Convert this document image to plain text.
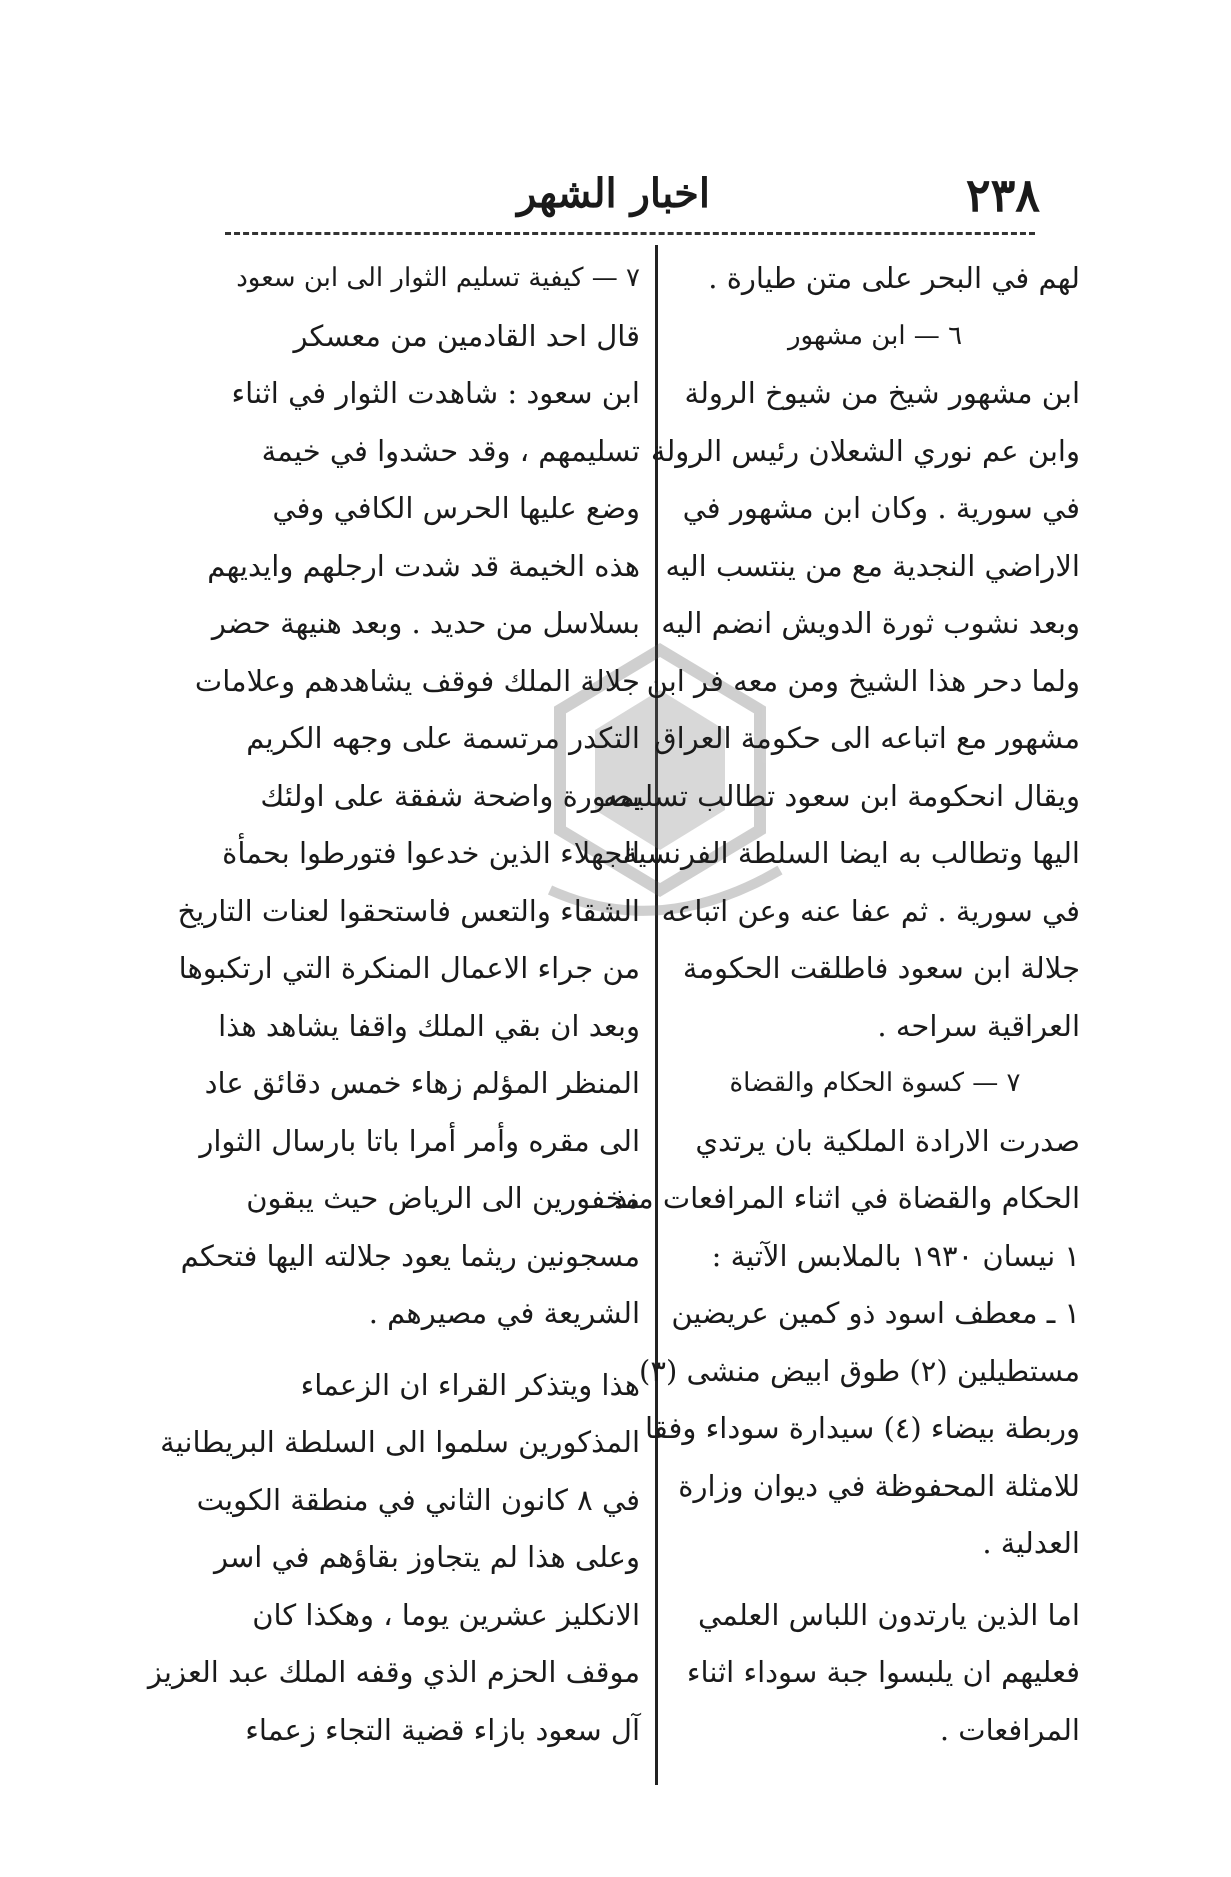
٢٣٨
اخبار الشهر
لهم في البحر على متن طيارة .
٦ — ابن مشهور
ابن مشهور شيخ من شيوخ الرولة
وابن عم نوري الشعلان رئيس الرولة
في سورية . وكان ابن مشهور في
الاراضي النجدية مع من ينتسب اليه
وبعد نشوب ثورة الدويش انضم اليه
ولما دحر هذا الشيخ ومن معه فر ابن
مشهور مع اتباعه الى حكومة العراق
ويقال انحكومة ابن سعود تطالب تسليمه
اليها وتطالب به ايضا السلطة الفرنسية
في سورية . ثم عفا عنه وعن اتباعه
جلالة ابن سعود فاطلقت الحكومة
العراقية سراحه .
٧ — كسوة الحكام والقضاة
صدرت الارادة الملكية بان يرتدي
الحكام والقضاة في اثناء المرافعات منذ
١ نيسان ١٩٣٠ بالملابس الآتية :
١ ـ معطف اسود ذو كمين عريضين
مستطيلين (٢) طوق ابيض منشى (٣)
وربطة بيضاء (٤) سيدارة سوداء وفقا
للامثلة المحفوظة في ديوان وزارة
العدلية .
اما الذين يارتدون اللباس العلمي
فعليهم ان يلبسوا جبة سوداء اثناء
المرافعات .
٧ — كيفية تسليم الثوار الى ابن سعود
قال احد القادمين من معسكر
ابن سعود : شاهدت الثوار في اثناء
تسليمهم ، وقد حشدوا في خيمة
وضع عليها الحرس الكافي وفي
هذه الخيمة قد شدت ارجلهم وايديهم
بسلاسل من حديد . وبعد هنيهة حضر
جلالة الملك فوقف يشاهدهم وعلامات
التكدر مرتسمة على وجهه الكريم
بصورة واضحة شفقة على اولئك
الجهلاء الذين خدعوا فتورطوا بحمأة
الشقاء والتعس فاستحقوا لعنات التاريخ
من جراء الاعمال المنكرة التي ارتكبوها
وبعد ان بقي الملك واقفا يشاهد هذا
المنظر المؤلم زهاء خمس دقائق عاد
الى مقره وأمر أمرا باتا بارسال الثوار
مخفورين الى الرياض حيث يبقون
مسجونين ريثما يعود جلالته اليها فتحكم
الشريعة في مصيرهم .
هذا ويتذكر القراء ان الزعماء
المذكورين سلموا الى السلطة البريطانية
في ٨ كانون الثاني في منطقة الكويت
وعلى هذا لم يتجاوز بقاؤهم في اسر
الانكليز عشرين يوما ، وهكذا كان
موقف الحزم الذي وقفه الملك عبد العزيز
آل سعود بازاء قضية التجاء زعماء
